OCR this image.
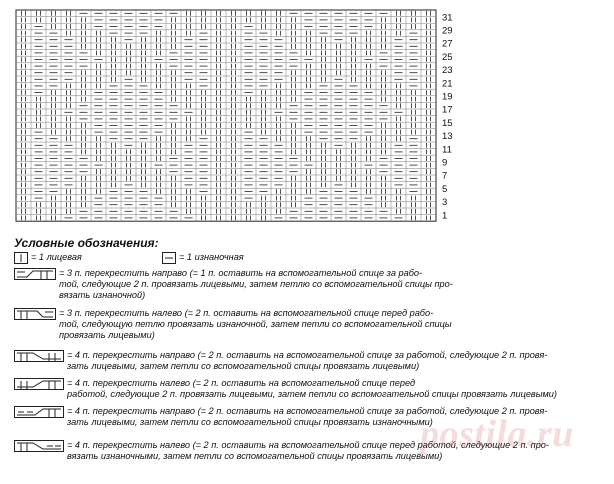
31
29
27
25
23
21
19
17
15
13
11
9
7
5
3
1
Условные обозначения:
= 1 лицевая	= 1 изнаночная
= 3 п. перекрестить направо (= 1 п. оставить на вспомогательной спице за рабо-
той, следующие 2 п. провязать лицевыми, затем петлю со вспомогательной спицы про-
вязать изнаночной)
= 3 п. перекрестить налево (= 2 п. оставить на вспомогательной спице перед рабо-
той, следующую петлю провязать изнаночной, затем петли со вспомогательной спицы
провязать лицевыми)
= 4 п. перекрестить направо (= 2 п. оставить на вспомогательной спице за работой, следующие 2 п. провя-
зать лицевыми, затем петли со вспомогательной спицы провязать лицевыми)
= 4 п. перекрестить налево (= 2 п. оставить на вспомогательной спице перед
работой, следующие 2 п. провязать лицевыми, затем петли со вспомогательной спицы провязать лицевыми)
= 4 п. перекрестить направо (= 2 п. оставить на вспомогательной спице за работой, следующие 2 п. провя-
зать лицевыми, затем петли со вспомогательной спицы провязать изнаночными)
= 4 п. перекрестить налево (= 2 п. оставить на вспомогательной спице перед работой, следующие 2 п. про-
вязать изнаночными, затем петли со вспомогательной спицы провязать лицевыми)
postila.ru
